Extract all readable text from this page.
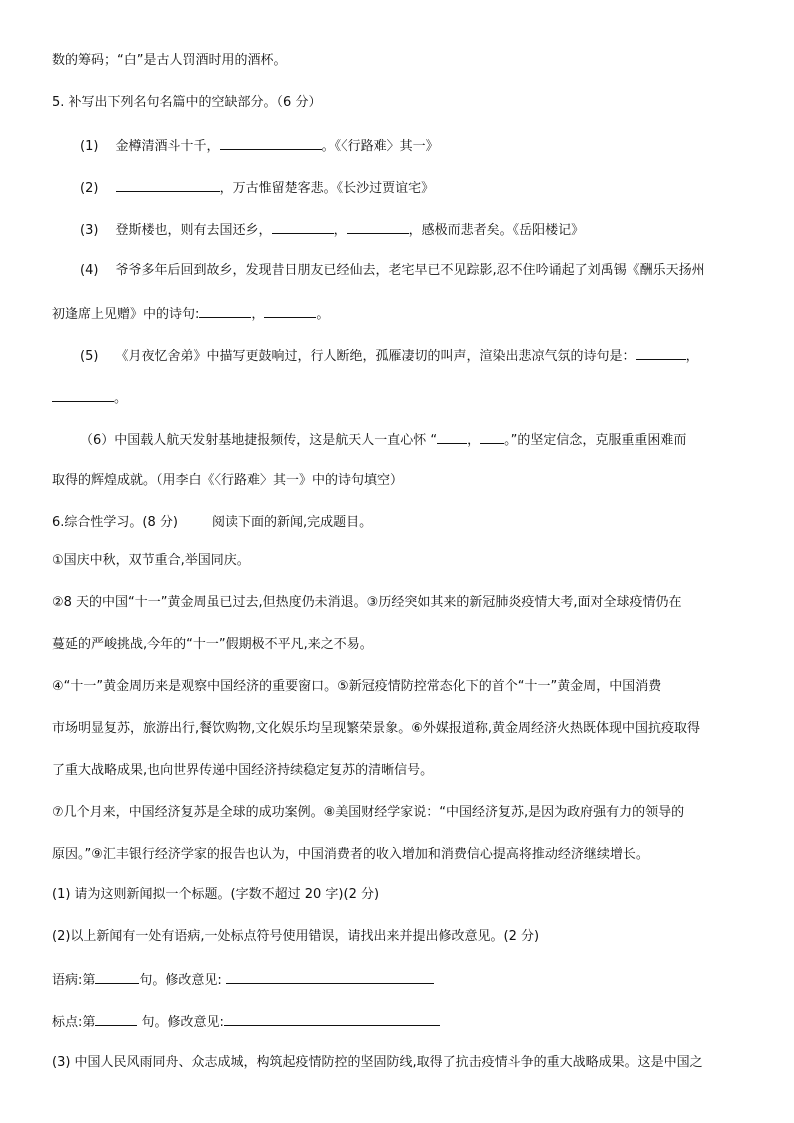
数的筹码；“白”是古人罚酒时用的酒杯。
5. 补写出下列名句名篇中的空缺部分。（6 分）
(1)　 金樽清酒斗十千，	。《〈行路难〉其一》
(2)　	，万古惟留楚客悲。《长沙过贾谊宅》
(3)　 登斯楼也，则有去国还乡，	，	，感极而悲者矣。《岳阳楼记》
(4)　 爷爷多年后回到故乡，发现昔日朋友已经仙去，老宅早已不见踪影,忍不住吟诵起了刘禹锡《酬乐天扬州
初逢席上见赠》中的诗句:	，	。
(5)　 《月夜忆舍弟》中描写更鼓响过，行人断绝，孤雁凄切的叫声，渲染出悲凉气氛的诗句是：	，
。
（6）中国载人航天发射基地捷报频传，这是航天人一直心怀 “ ， 。”的坚定信念，克服重重困难而
取得的辉煌成就。（用李白《〈行路难〉其一》中的诗句填空）
6.综合性学习。(8 分)	阅读下面的新闻,完成题目。
①国庆中秋，双节重合,举国同庆。
②8 天的中国“十一”黄金周虽已过去,但热度仍未消退。③历经突如其来的新冠肺炎疫情大考,面对全球疫情仍在
蔓延的严峻挑战,今年的“十一”假期极不平凡,来之不易。
④“十一”黄金周历来是观察中国经济的重要窗口。⑤新冠疫情防控常态化下的首个“十一”黄金周，中国消费
市场明显复苏，旅游出行,餐饮购物,文化娱乐均呈现繁荣景象。⑥外媒报道称,黄金周经济火热既体现中国抗疫取得
了重大战略成果,也向世界传递中国经济持续稳定复苏的清晰信号。
⑦几个月来，中国经济复苏是全球的成功案例。⑧美国财经学家说：“中国经济复苏,是因为政府强有力的领导的
原因。”⑨汇丰银行经济学家的报告也认为，中国消费者的收入增加和消费信心提高将推动经济继续增长。
(1) 请为这则新闻拟一个标题。(字数不超过 20 字)(2 分)
(2)以上新闻有一处有语病,一处标点符号使用错误，请找出来并提出修改意见。(2 分)
语病:第	句。修改意见:
标点:第	句。修改意见:
(3) 中国人民风雨同舟、众志成城，构筑起疫情防控的坚固防线,取得了抗击疫情斗争的重大战略成果。这是中国之
